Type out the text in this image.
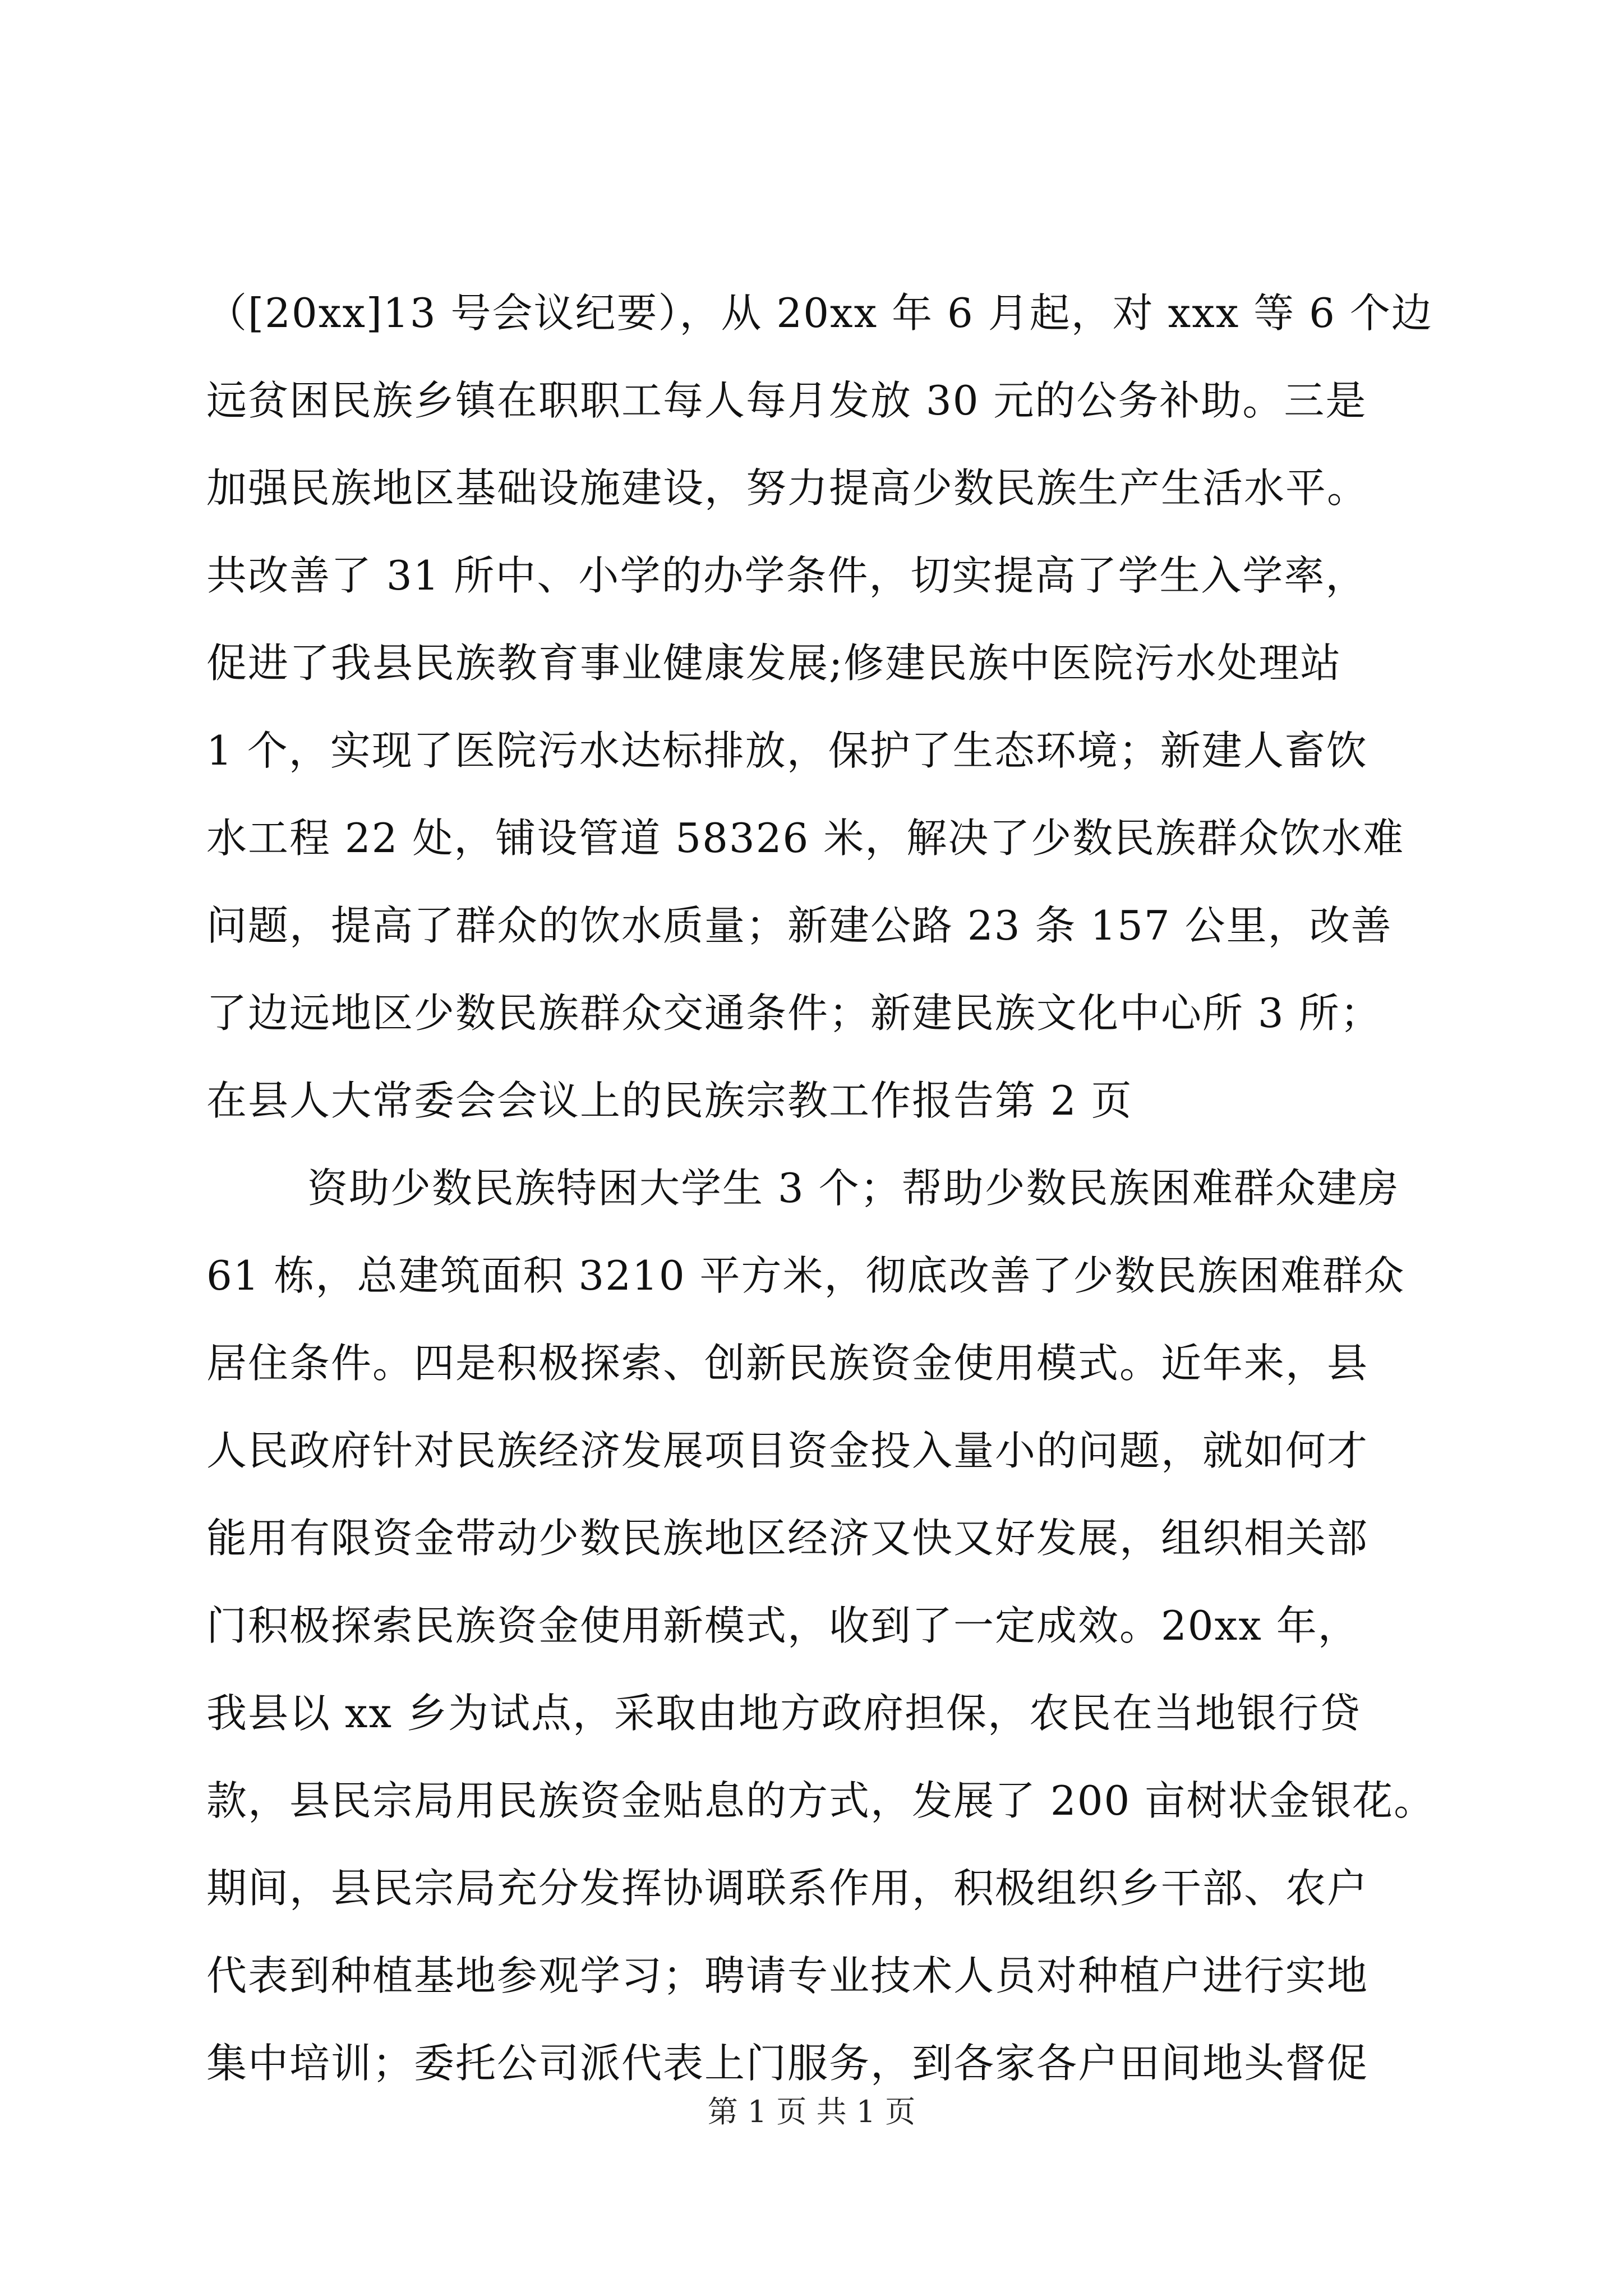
（[20xx]13 号会议纪要），从 20xx 年 6 月起，对 xxx 等 6 个边
远贫困民族乡镇在职职工每人每月发放 30 元的公务补助。三是
加强民族地区基础设施建设，努力提高少数民族生产生活水平。
共改善了 31 所中、小学的办学条件，切实提高了学生入学率，
促进了我县民族教育事业健康发展;修建民族中医院污水处理站
1 个，实现了医院污水达标排放，保护了生态环境；新建人畜饮
水工程 22 处，铺设管道 58326 米，解决了少数民族群众饮水难
问题，提高了群众的饮水质量；新建公路 23 条 157 公里，改善
了边远地区少数民族群众交通条件；新建民族文化中心所 3 所；
在县人大常委会会议上的民族宗教工作报告第 2 页
资助少数民族特困大学生 3 个；帮助少数民族困难群众建房
61 栋，总建筑面积 3210 平方米，彻底改善了少数民族困难群众
居住条件。四是积极探索、创新民族资金使用模式。近年来，县
人民政府针对民族经济发展项目资金投入量小的问题，就如何才
能用有限资金带动少数民族地区经济又快又好发展，组织相关部
门积极探索民族资金使用新模式，收到了一定成效。20xx 年，
我县以 xx 乡为试点，采取由地方政府担保，农民在当地银行贷
款，县民宗局用民族资金贴息的方式，发展了 200 亩树状金银花。
期间，县民宗局充分发挥协调联系作用，积极组织乡干部、农户
代表到种植基地参观学习；聘请专业技术人员对种植户进行实地
集中培训；委托公司派代表上门服务，到各家各户田间地头督促
第 1 页 共 1 页
